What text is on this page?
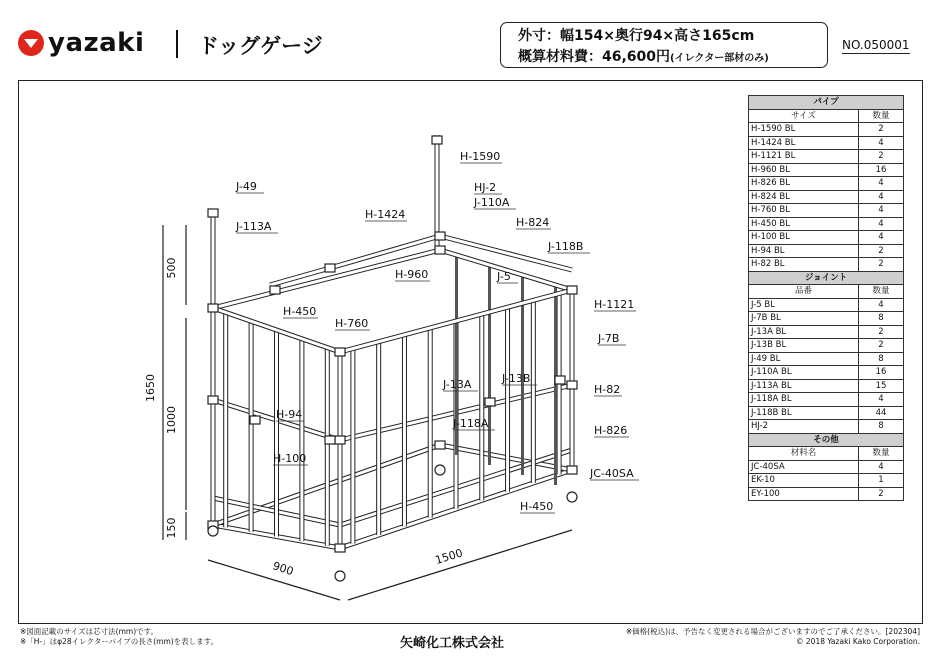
yazaki	ドッグゲージ	外寸：幅154×奥行94×高さ165cm
概算材料費：46,600円(イレクター部材のみ)
NO.050001
H-1590
HJ-2
J-110A
J-49
J-113A
H-1424
H-824
J-118B
H-960	J-5
H-450
H-760
H-1121
J-7B
J-13A	J-13B
H-82
H-94
J-118A
H-826
H-100
JC-40SA
H-450
500
1000
1650
150
900
1500
パイプ	
サイズ	数量
H-1590 BL	2
H-1424 BL	4
H-1121 BL	2
H-960 BL	16
H-826 BL	4
H-824 BL	4
H-760 BL	4
H-450 BL	4
H-100 BL	4
H-94 BL	2
H-82 BL	2
ジョイント	
品番	数量
J-5 BL	4
J-7B BL	8
J-13A BL	2
J-13B BL	2
J-49 BL	8
J-110A BL	16
J-113A BL	15
J-118A BL	4
J-118B BL	44
HJ-2	8
その他	
材料名	数量
JC-40SA	4
EK-10	1
EY-100	2
※図面記載のサイズは芯寸法(mm)です。
※「H-」はφ28イレクターパイプの長さ(mm)を表します。	矢崎化工株式会社
※価格(税込)は、予告なく変更される場合がございますのでご了承ください。[202304]
© 2018 Yazaki Kako Corporation.
